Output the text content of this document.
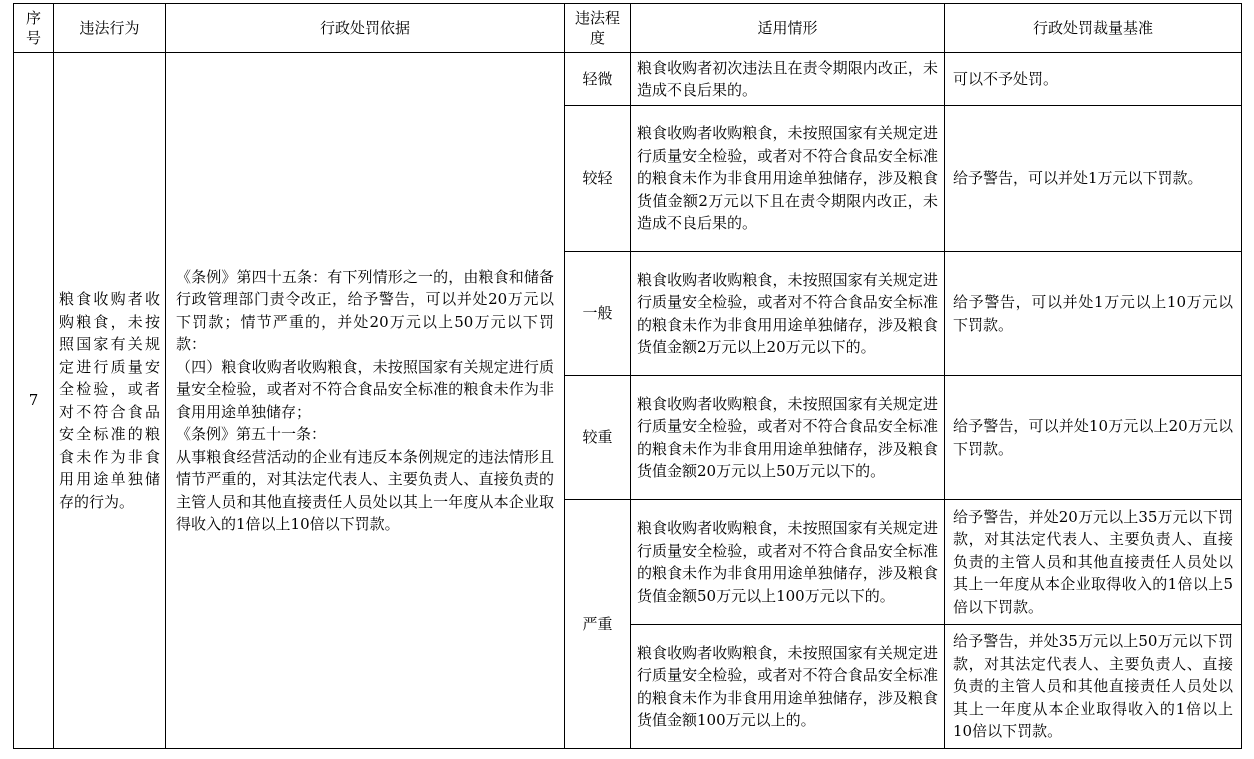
序号	违法行为	行政处罚依据	违法程度	适用情形	行政处罚裁量基准
7	粮食收购者收购粮食，未按照国家有关规定进行质量安全检验，或者对不符合食品安全标准的粮食未作为非食用用途单独储存的行为。	《条例》第四十五条：有下列情形之一的，由粮食和储备行政管理部门责令改正，给予警告，可以并处20万元以下罚款；情节严重的，并处20万元以上50万元以下罚款：
（四）粮食收购者收购粮食，未按照国家有关规定进行质量安全检验，或者对不符合食品安全标准的粮食未作为非食用用途单独储存；
《条例》第五十一条：
从事粮食经营活动的企业有违反本条例规定的违法情形且情节严重的，对其法定代表人、主要负责人、直接负责的主管人员和其他直接责任人员处以其上一年度从本企业取得收入的1倍以上10倍以下罚款。	轻微	粮食收购者初次违法且在责令期限内改正，未造成不良后果的。	可以不予处罚。
			较轻	粮食收购者收购粮食，未按照国家有关规定进行质量安全检验，或者对不符合食品安全标准的粮食未作为非食用用途单独储存，涉及粮食货值金额2万元以下且在责令期限内改正，未造成不良后果的。	给予警告，可以并处1万元以下罚款。
			一般	粮食收购者收购粮食，未按照国家有关规定进行质量安全检验，或者对不符合食品安全标准的粮食未作为非食用用途单独储存，涉及粮食货值金额2万元以上20万元以下的。	给予警告，可以并处1万元以上10万元以下罚款。
			较重	粮食收购者收购粮食，未按照国家有关规定进行质量安全检验，或者对不符合食品安全标准的粮食未作为非食用用途单独储存，涉及粮食货值金额20万元以上50万元以下的。	给予警告，可以并处10万元以上20万元以下罚款。
			严重	粮食收购者收购粮食，未按照国家有关规定进行质量安全检验，或者对不符合食品安全标准的粮食未作为非食用用途单独储存，涉及粮食货值金额50万元以上100万元以下的。	给予警告，并处20万元以上35万元以下罚款，对其法定代表人、主要负责人、直接负责的主管人员和其他直接责任人员处以其上一年度从本企业取得收入的1倍以上5倍以下罚款。
				粮食收购者收购粮食，未按照国家有关规定进行质量安全检验，或者对不符合食品安全标准的粮食未作为非食用用途单独储存，涉及粮食货值金额100万元以上的。	给予警告，并处35万元以上50万元以下罚款，对其法定代表人、主要负责人、直接负责的主管人员和其他直接责任人员处以其上一年度从本企业取得收入的1倍以上10倍以下罚款。
